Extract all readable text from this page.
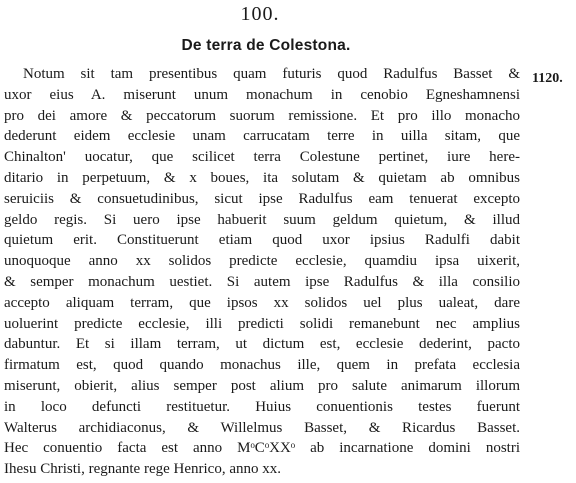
100.
De terra de Colestona.
1120.
Notum sit tam presentibus quam futuris quod Radulfus Basset &
uxor eius A. miserunt unum monachum in cenobio Egneshamnensi
pro dei amore & peccatorum suorum remissione. Et pro illo monacho
dederunt eidem ecclesie unam carrucatam terre in uilla sitam, que
Chinalton' uocatur, que scilicet terra Colestune pertinet, iure here-
ditario in perpetuum, & x boues, ita solutam & quietam ab omnibus
seruiciis & consuetudinibus, sicut ipse Radulfus eam tenuerat excepto
geldo regis. Si uero ipse habuerit suum geldum quietum, & illud
quietum erit. Constituerunt etiam quod uxor ipsius Radulfi dabit
unoquoque anno xx solidos predicte ecclesie, quamdiu ipsa uixerit,
& semper monachum uestiet. Si autem ipse Radulfus & illa consilio
accepto aliquam terram, que ipsos xx solidos uel plus ualeat, dare
uoluerint predicte ecclesie, illi predicti solidi remanebunt nec amplius
dabuntur. Et si illam terram, ut dictum est, ecclesie dederint, pacto
firmatum est, quod quando monachus ille, quem in prefata ecclesia
miserunt, obierit, alius semper post alium pro salute animarum illorum
in loco defuncti restituetur. Huius conuentionis testes fuerunt
Walterus archidiaconus, & Willelmus Basset, & Ricardus Basset.
Hec conuentio facta est anno MᵒCᵒXXᵒ ab incarnatione domini nostri
Ihesu Christi, regnante rege Henrico, anno xx.
